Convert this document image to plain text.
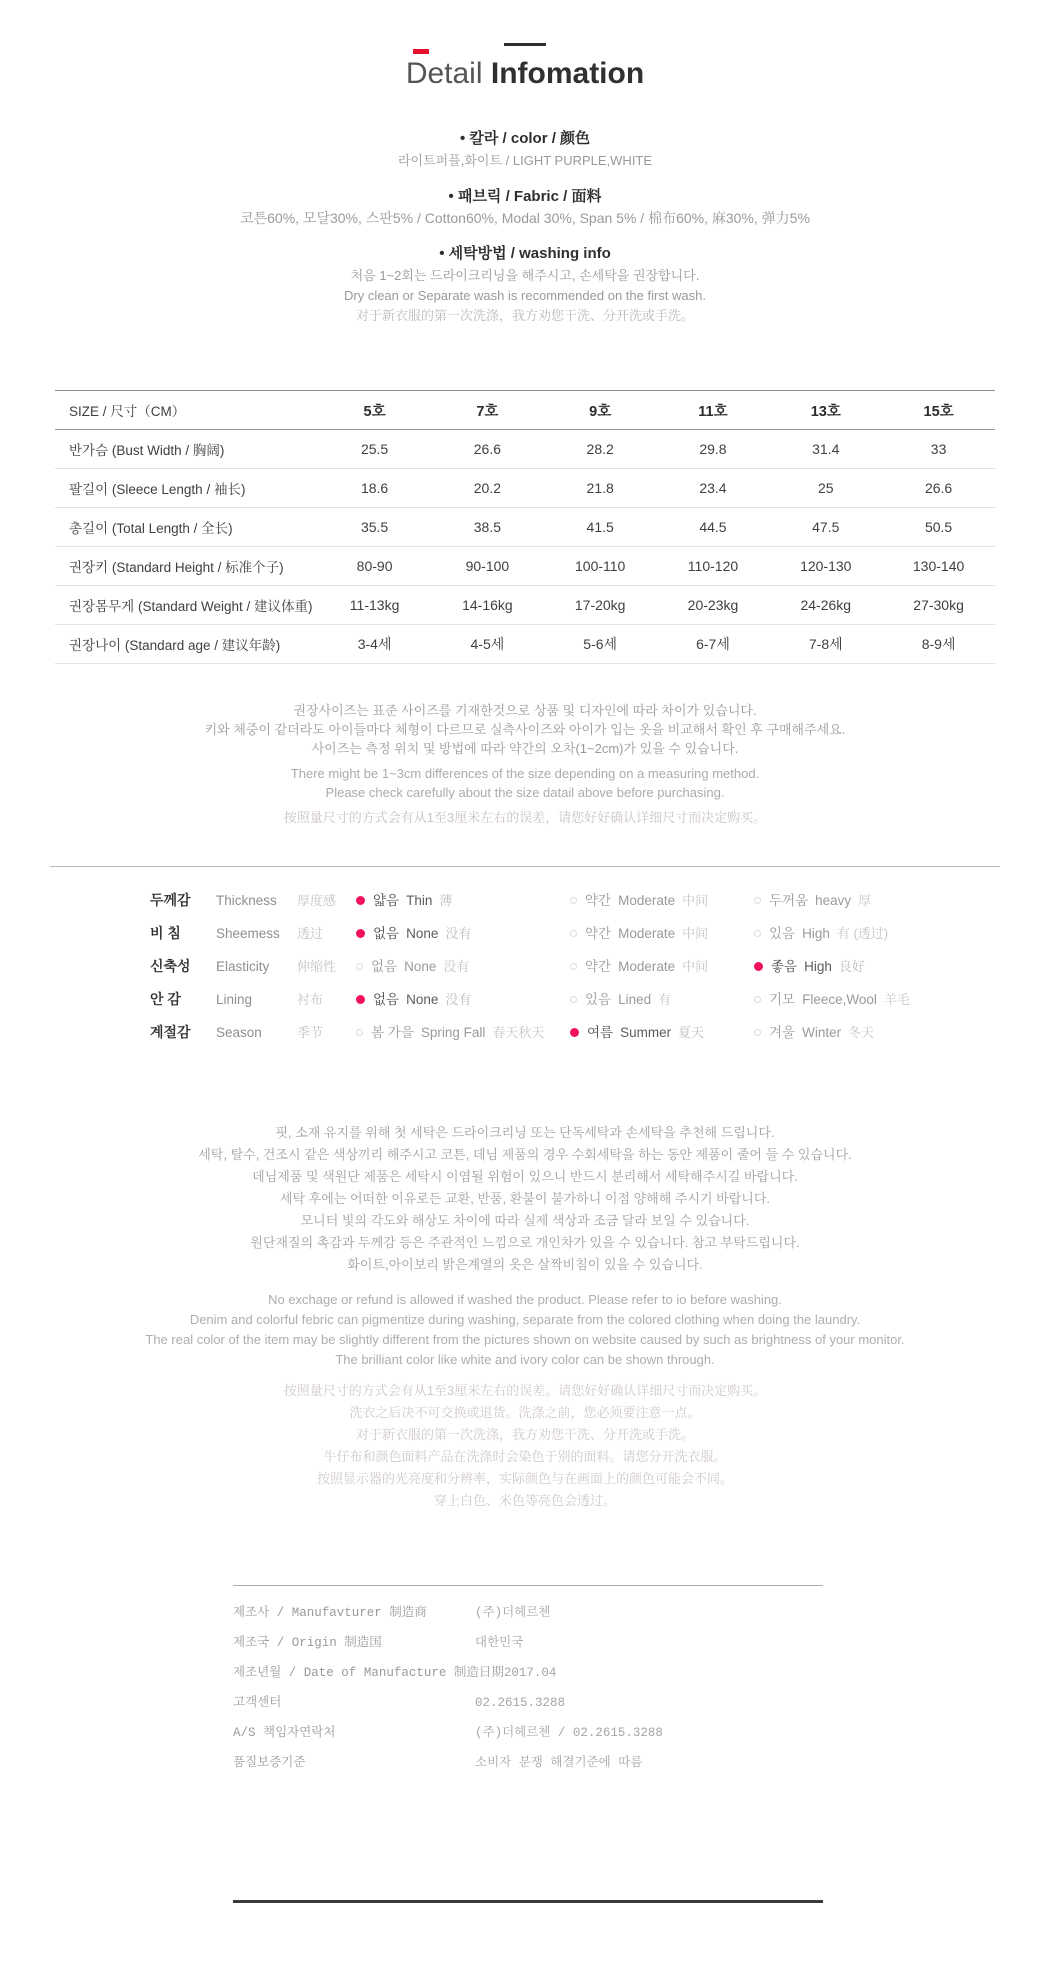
Detail Infomation
• 칼라 / color / 颜色
라이트퍼플,화이트 / LIGHT PURPLE,WHITE
• 패브릭 / Fabric / 面料
코튼60%, 모달30%, 스판5% / Cotton60%, Modal 30%, Span 5% / 棉布60%, 麻30%, 弹力5%
• 세탁방법 / washing info
처음 1~2회는 드라이크리닝을 해주시고, 손세탁을 권장합니다.
Dry clean or Separate wash is recommended on the first wash.
对于新衣服的第一次洗涤，我方劝您干洗、分开洗或手洗。
SIZE / 尺寸（CM）	5호	7호	9호	11호	13호	15호
반가슴 (Bust Width / 胸阔)	25.5	26.6	28.2	29.8	31.4	33
팔길이 (Sleece Length / 袖长)	18.6	20.2	21.8	23.4	25	26.6
총길이 (Total Length / 全长)	35.5	38.5	41.5	44.5	47.5	50.5
권장키 (Standard Height / 标准个子)	80-90	90-100	100-110	110-120	120-130	130-140
권장몸무게 (Standard Weight / 建议体重)	11-13kg	14-16kg	17-20kg	20-23kg	24-26kg	27-30kg
권장나이 (Standard age / 建议年龄)	3-4세	4-5세	5-6세	6-7세	7-8세	8-9세
권장사이즈는 표준 사이즈를 기재한것으로 상품 및 디자인에 따라 차이가 있습니다.
키와 체중이 같더라도 아이들마다 체형이 다르므로 실측사이즈와 아이가 입는 옷을 비교해서 확인 후 구매해주세요.
사이즈는 측정 위치 및 방법에 따라 약간의 오차(1~2cm)가 있을 수 있습니다.
There might be 1~3cm differences of the size depending on a measuring method.
Please check carefully about the size datail above before purchasing.
按照量尺寸的方式会有从1至3厘米左右的误差，请您好好确认详细尺寸而决定购买。
두께감 Thickness 厚度感	얇음 Thin 薄	약간 Moderate 中间	두꺼움 heavy 厚
비 침	Sheemess 透过	없음 None 没有	약간 Moderate 中间	있음 High 有 (透过)
신축성 Elasticity 伸缩性	없음 None 没有	약간 Moderate 中间	좋음 High 良好
안 감	Lining	衬布	없음 None 没有	있음 Lined 有	기모 Fleece,Wool 羊毛
계절감 Season	季节	봄 가을 Spring Fall 春天秋天	여름 Summer 夏天	겨울 Winter 冬天
핏, 소재 유지를 위해 첫 세탁은 드라이크리닝 또는 단독세탁과 손세탁을 추천해 드립니다.
세탁, 탈수, 건조시 같은 색상끼리 해주시고 코튼, 데님 제품의 경우 수회세탁을 하는 동안 제품이 줄어 들 수 있습니다.
데님제품 및 색원단 제품은 세탁시 이염될 위험이 있으니 반드시 분리해서 세탁해주시길 바랍니다.
세탁 후에는 어떠한 이유로든 교환, 반품, 환불이 불가하니 이점 양해해 주시기 바랍니다.
모니터 빛의 각도와 해상도 차이에 따라 실제 색상과 조금 달라 보일 수 있습니다.
원단재질의 촉감과 두께감 등은 주관적인 느낌으로 개인차가 있을 수 있습니다. 참고 부탁드립니다.
화이트,아이보리 밝은계열의 옷은 살짝비침이 있을 수 있습니다.
No exchage or refund is allowed if washed the product. Please refer to io before washing.
Denim and colorful febric can pigmentize during washing, separate from the colored clothing when doing the laundry.
The real color of the item may be slightly different from the pictures shown on website caused by such as brightness of your monitor.
The brilliant color like white and ivory color can be shown through.
按照量尺寸的方式会有从1至3厘米左右的误差。请您好好确认详细尺寸而决定购买。
洗衣之后决不可交换或退货。洗涤之前，您必须要注意一点。
对于新衣服的第一次洗涤，我方劝您干洗、分开洗或手洗。
牛仔布和颜色面料产品在洗涤时会染色于别的面料。请您分开洗衣服。
按照显示器的光亮度和分辨率，实际颜色与在画面上的颜色可能会不同。
穿上白色、米色等亮色会透过。
제조사 / Manufavturer 制造商	(주)더헤르첸
제조국 / Origin 制造国	대한민국
제조년월 / Date of Manufacture 制造日期 2017.04
고객센터	02.2615.3288
A/S 책임자연락처	(주)더헤르첸 / 02.2615.3288
품질보증기준	소비자 분쟁 해결기준에 따름
